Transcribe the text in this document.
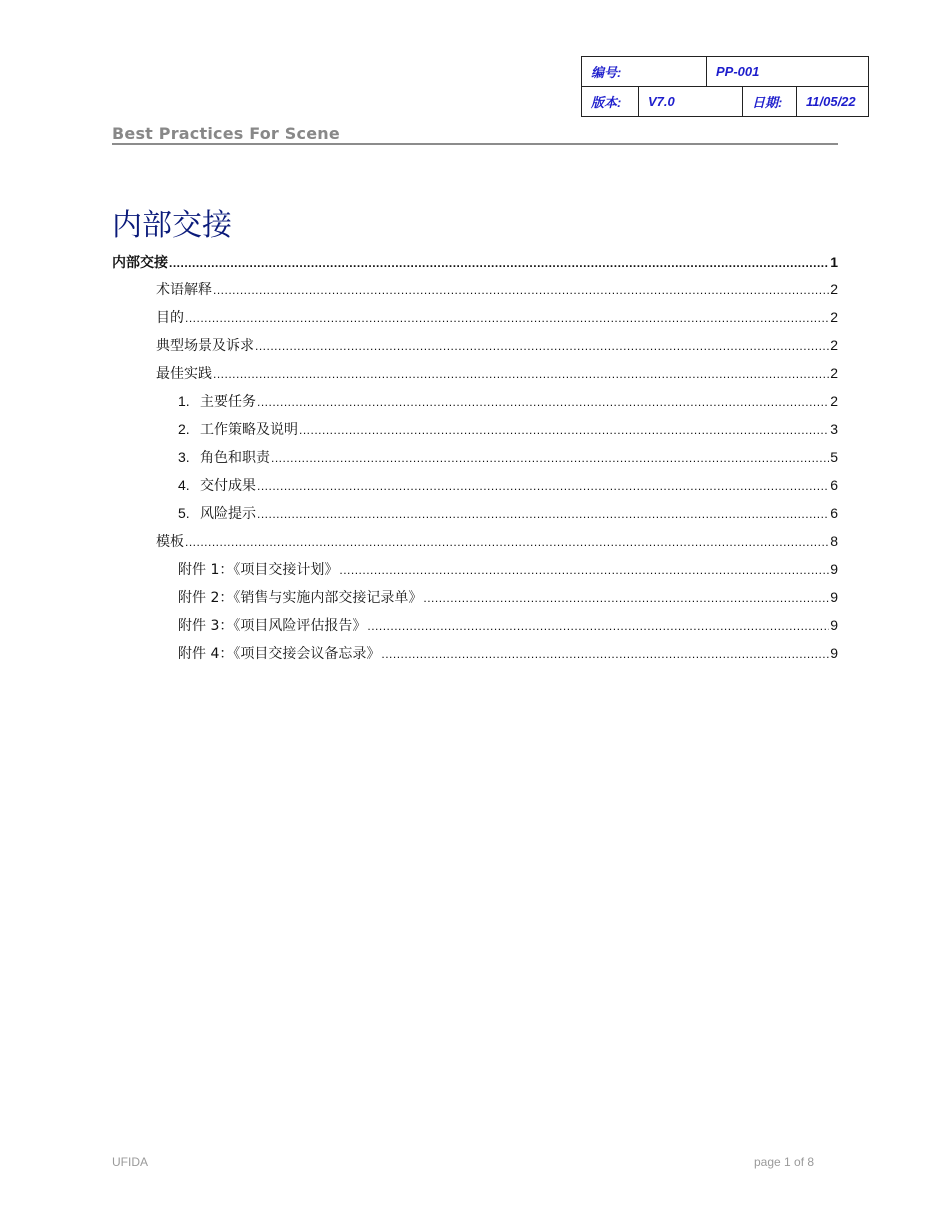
编号:		PP-001		
版本:	V7.0		日期:	11/05/22
Best Practices For Scene
内部交接
内部交接 .....	1
术语解释 .....	2
目的 .....	2
典型场景及诉求 .....	2
最佳实践 .....	2
1. 主要任务 .....	2
2. 工作策略及说明 .....	3
3. 角色和职责 .....	5
4. 交付成果 .....	6
5. 风险提示 .....	6
模板 .....	8
附件 1：《项目交接计划》 .....	9
附件 2：《销售与实施内部交接记录单》 .....	9
附件 3：《项目风险评估报告》 .....	9
附件 4：《项目交接会议备忘录》 .....	9
UFIDA	page 1 of 8
